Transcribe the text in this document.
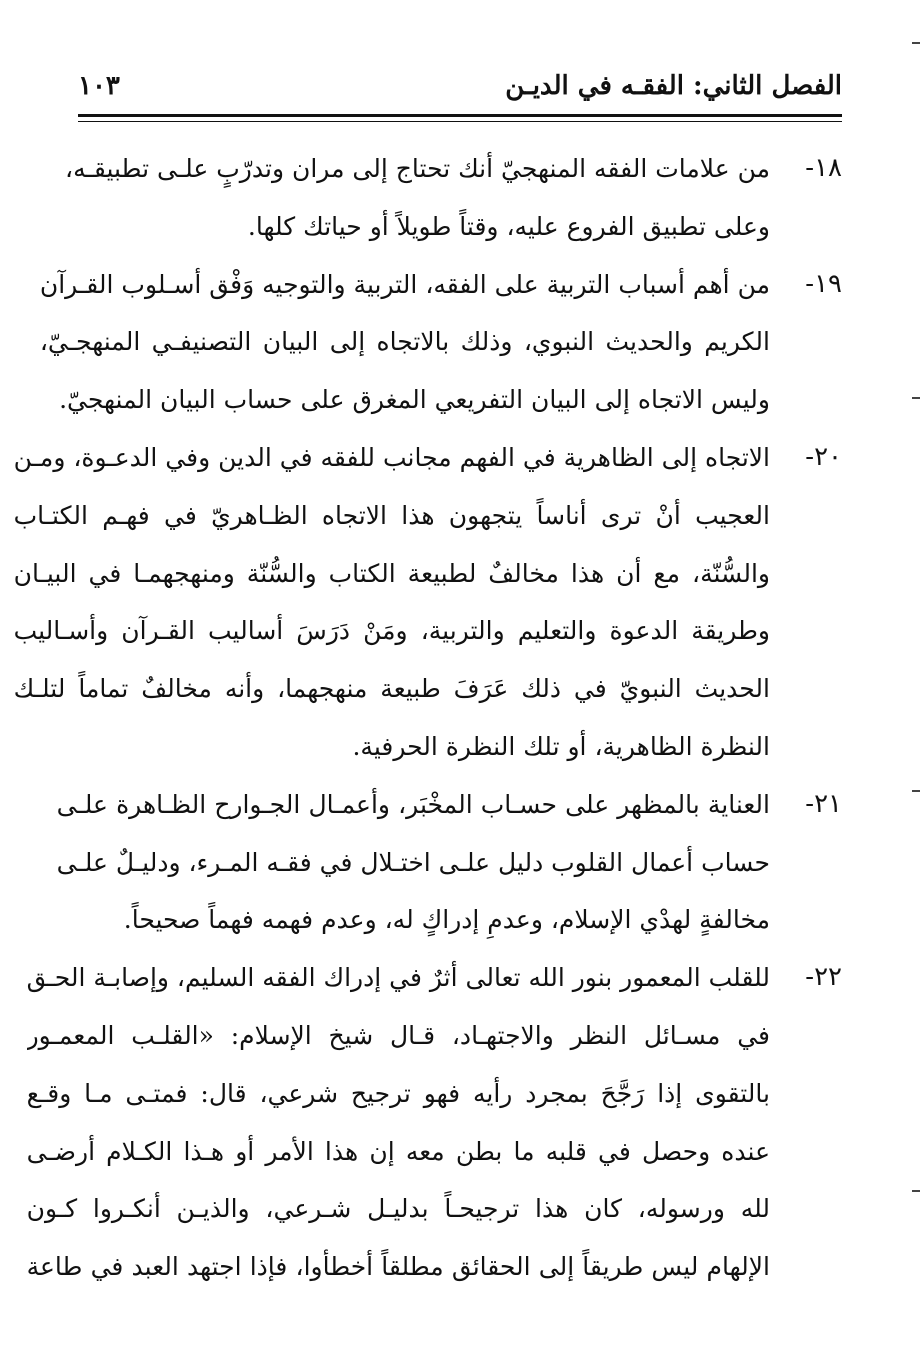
الفصل الثاني: الفقـه في الديـن
١٠٣
١٨-
من علامات الفقه المنهجيّ أنك تحتاج إلى مران وتدرّبٍ علـى تطبيقـه،
وعلى تطبيق الفروع عليه، وقتاً طويلاً أو حياتك كلها.
١٩-
من أهم أسباب التربية على الفقه، التربية والتوجيه وَفْق أسـلوب القـرآن
الكريم والحديث النبوي، وذلك بالاتجاه إلى البيان التصنيفـي المنهجـيّ،
وليس الاتجاه إلى البيان التفريعي المغرق على حساب البيان المنهجيّ.
٢٠-
الاتجاه إلى الظاهرية في الفهم مجانب للفقه في الدين وفي الدعـوة، ومـن
العجيب أنْ ترى أناساً يتجهون هذا الاتجاه الظـاهريّ في فهـم الكتـاب
والسُّنّة، مع أن هذا مخالفٌ لطبيعة الكتاب والسُّنّة ومنهجهمـا في البيـان
وطريقة الدعوة والتعليم والتربية، ومَنْ دَرَسَ أساليب القـرآن وأسـاليب
الحديث النبويّ في ذلك عَرَفَ طبيعة منهجهما، وأنه مخالفٌ تماماً لتلـك
النظرة الظاهرية، أو تلك النظرة الحرفية.
٢١-
العناية بالمظهر على حسـاب المخْبَر، وأعمـال الجـوارح الظـاهرة علـى
حساب أعمال القلوب دليل علـى اختـلال في فقـه المـرء، ودليـلٌ علـى
مخالفةٍ لهدْي الإسلام، وعدمِ إدراكٍ له، وعدم فهمه فهماً صحيحاً.
٢٢-
للقلب المعمور بنور الله تعالى أثرٌ في إدراك الفقه السليم، وإصابـة الحـق
في مسـائل النظر والاجتهـاد، قـال شيخ الإسلام: «القلـب المعمـور
بالتقوى إذا رَجَّحَ بمجرد رأيه فهو ترجيح شرعي، قال: فمتـى مـا وقـع
عنده وحصل في قلبه ما بطن معه إن هذا الأمر أو هـذا الكـلام أرضـى
لله ورسوله، كان هذا ترجيحـاً بدليـل شـرعي، والذيـن أنكـروا كـون
الإلهام ليس طريقاً إلى الحقائق مطلقاً أخطأوا، فإذا اجتهد العبد في طاعة
